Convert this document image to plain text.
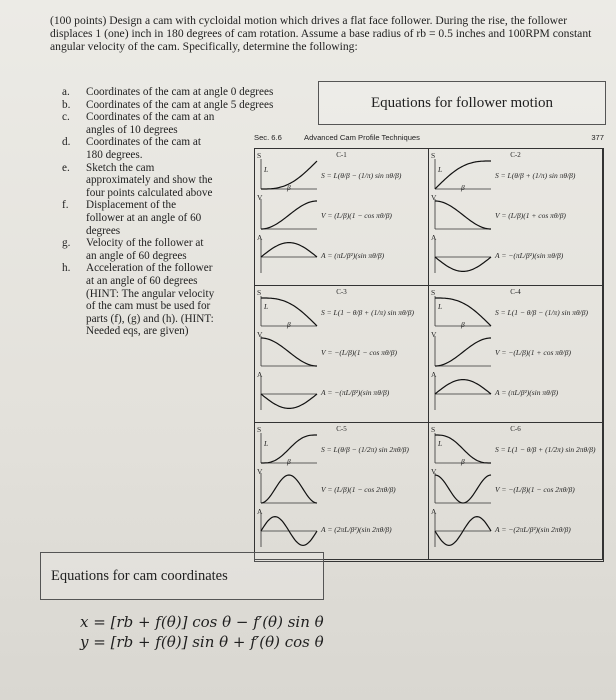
(100 points) Design a cam with cycloidal motion which drives a flat face follower. During the rise, the follower displaces 1 (one) inch in 180 degrees of cam rotation. Assume a base radius of rb = 0.5 inches and 100RPM constant angular velocity of the cam. Specifically, determine the following:
a.	Coordinates of the cam at angle 0 degrees
b.	Coordinates of the cam at angle 5 degrees
c.	Coordinates of the cam at an angles of 10 degrees
d.	Coordinates of the cam at 180 degrees.
e.	Sketch the cam approximately and show the four points calculated above
f.	Displacement of the follower at an angle of 60 degrees
g.	Velocity of the follower at an angle of 60 degrees
h.	Acceleration of the follower at an angle of 60 degrees (HINT: The angular velocity of the cam must be used for parts (f), (g) and (h). (HINT: Needed eqs, are given)
Equations for follower motion
Sec. 6.6	Advanced Cam Profile Techniques	377
C-1
S
V
A
β
L
S = L(θ/β − (1/π) sin πθ/β)
V = (L/β)(1 − cos πθ/β)
A = (πL/β²)(sin πθ/β)
C-2
S
V
A
β
L
S = L(θ/β + (1/π) sin πθ/β)
V = (L/β)(1 + cos πθ/β)
A = −(πL/β²)(sin πθ/β)
C-3
S
V
A
β
L
S = L(1 − θ/β + (1/π) sin πθ/β)
V = −(L/β)(1 − cos πθ/β)
A = −(πL/β²)(sin πθ/β)
C-4
S
V
A
β
L
S = L(1 − θ/β − (1/π) sin πθ/β)
V = −(L/β)(1 + cos πθ/β)
A = (πL/β²)(sin πθ/β)
C-5
S
V
A
β
L
S = L(θ/β − (1/2π) sin 2πθ/β)
V = (L/β)(1 − cos 2πθ/β)
A = (2πL/β²)(sin 2πθ/β)
C-6
S
V
A
β
L
S = L(1 − θ/β + (1/2π) sin 2πθ/β)
V = −(L/β)(1 − cos 2πθ/β)
A = −(2πL/β²)(sin 2πθ/β)
Equations for cam coordinates
x = [rb + f(θ)] cos θ − f′(θ) sin θ
y = [rb + f(θ)] sin θ + f′(θ) cos θ
